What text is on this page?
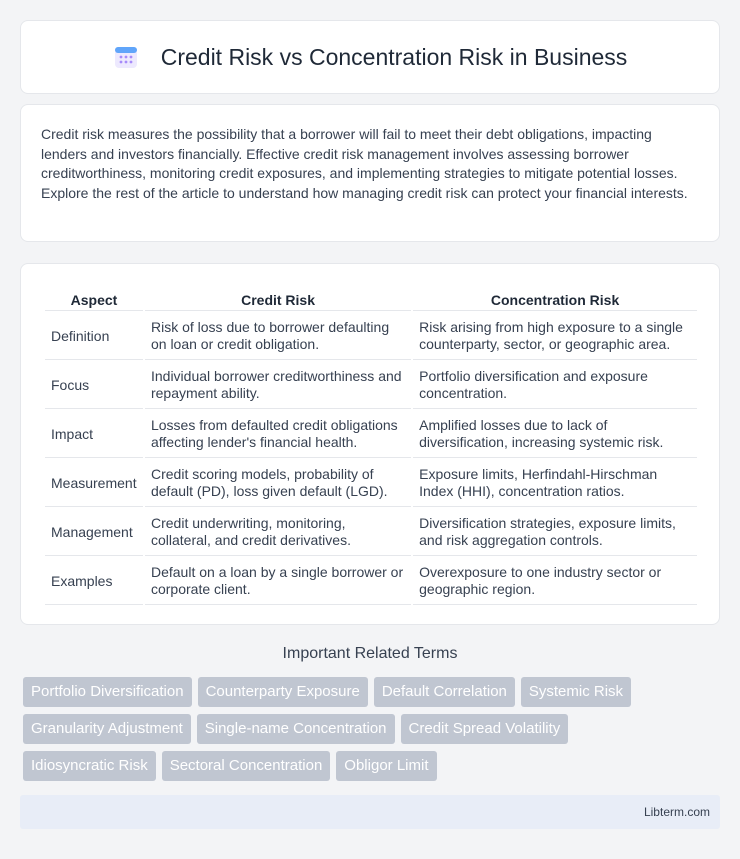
Credit Risk vs Concentration Risk in Business

Credit risk measures the possibility that a borrower will fail to meet their debt obligations, impacting lenders and investors financially. Effective credit risk management involves assessing borrower creditworthiness, monitoring credit exposures, and implementing strategies to mitigate potential losses. Explore the rest of the article to understand how managing credit risk can protect your financial interests.

Aspect	Credit Risk	Concentration Risk
Definition	Risk of loss due to borrower defaulting on loan or credit obligation.	Risk arising from high exposure to a single counterparty, sector, or geographic area.
Focus	Individual borrower creditworthiness and repayment ability.	Portfolio diversification and exposure concentration.
Impact	Losses from defaulted credit obligations affecting lender's financial health.	Amplified losses due to lack of diversification, increasing systemic risk.
Measurement	Credit scoring models, probability of default (PD), loss given default (LGD).	Exposure limits, Herfindahl-Hirschman Index (HHI), concentration ratios.
Management	Credit underwriting, monitoring, collateral, and credit derivatives.	Diversification strategies, exposure limits, and risk aggregation controls.
Examples	Default on a loan by a single borrower or corporate client.	Overexposure to one industry sector or geographic region.
Important Related Terms
Portfolio Diversification	Counterparty Exposure	Default Correlation	Systemic Risk
Granularity Adjustment	Single-name Concentration	Credit Spread Volatility
Idiosyncratic Risk	Sectoral Concentration	Obligor Limit
Libterm.com
